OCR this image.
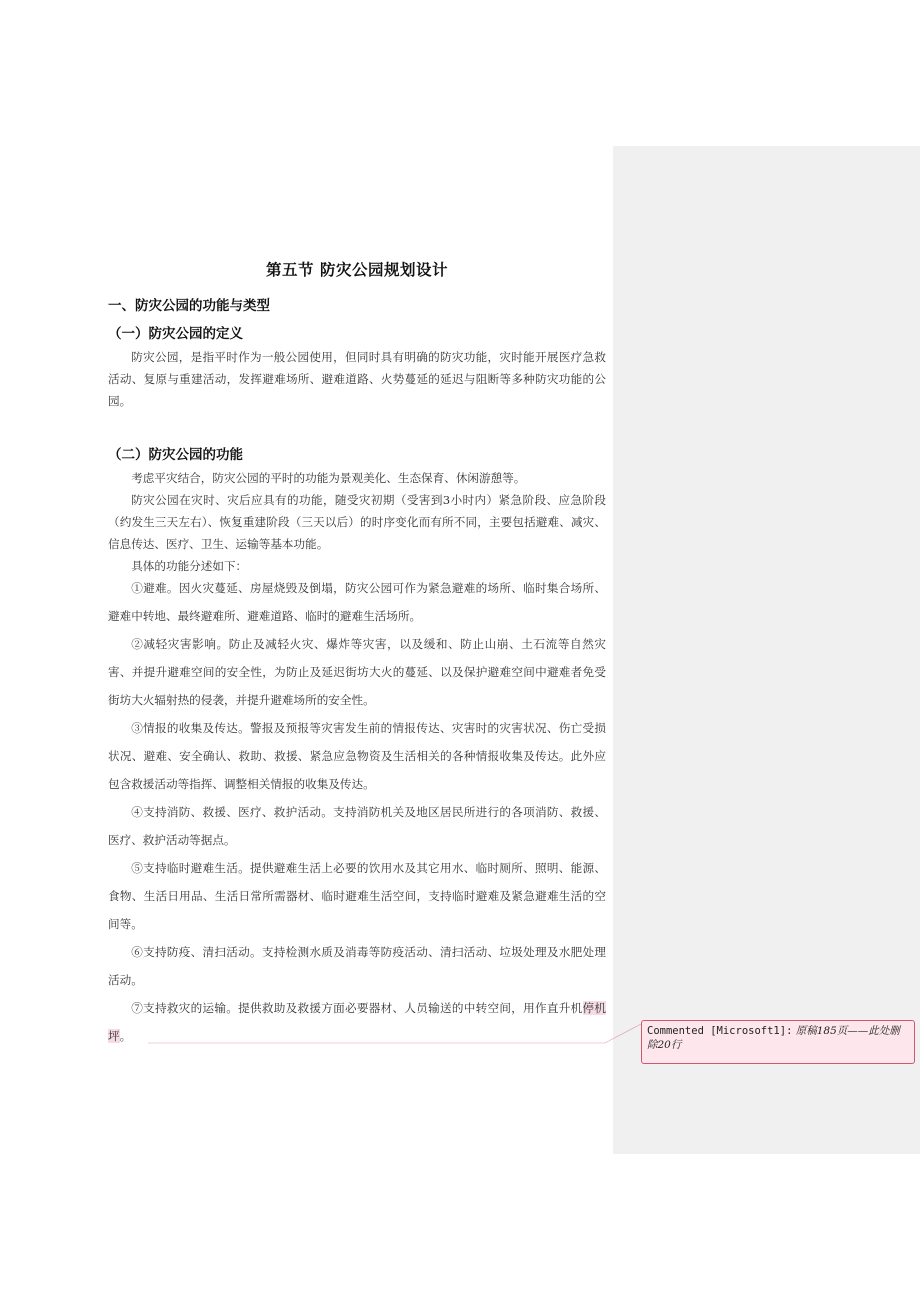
第五节 防灾公园规划设计
一、防灾公园的功能与类型
（一）防灾公园的定义

防灾公园，是指平时作为一般公园使用，但同时具有明确的防灾功能，灾时能开展医疗急救活动、复原与重建活动，发挥避难场所、避难道路、火势蔓延的延迟与阻断等多种防灾功能的公园。

（二）防灾公园的功能

考虑平灾结合，防灾公园的平时的功能为景观美化、生态保育、休闲游憩等。

防灾公园在灾时、灾后应具有的功能，随受灾初期（受害到3小时内）紧急阶段、应急阶段（约发生三天左右）、恢复重建阶段（三天以后）的时序变化而有所不同，主要包括避难、减灾、信息传达、医疗、卫生、运输等基本功能。

具体的功能分述如下：

①避难。因火灾蔓延、房屋烧毁及倒塌，防灾公园可作为紧急避难的场所、临时集合场所、避难中转地、最终避难所、避难道路、临时的避难生活场所。

②减轻灾害影响。防止及减轻火灾、爆炸等灾害，以及缓和、防止山崩、土石流等自然灾害、并提升避难空间的安全性，为防止及延迟街坊大火的蔓延、以及保护避难空间中避难者免受街坊大火辐射热的侵袭，并提升避难场所的安全性。

③情报的收集及传达。警报及预报等灾害发生前的情报传达、灾害时的灾害状况、伤亡受损状况、避难、安全确认、救助、救援、紧急应急物资及生活相关的各种情报收集及传达。此外应包含救援活动等指挥、调整相关情报的收集及传达。

④支持消防、救援、医疗、救护活动。支持消防机关及地区居民所进行的各项消防、救援、医疗、救护活动等据点。

⑤支持临时避难生活。提供避难生活上必要的饮用水及其它用水、临时厕所、照明、能源、食物、生活日用品、生活日常所需器材、临时避难生活空间，支持临时避难及紧急避难生活的空间等。

⑥支持防疫、清扫活动。支持检测水质及消毒等防疫活动、清扫活动、垃圾处理及水肥处理活动。

⑦支持救灾的运输。提供救助及救援方面必要器材、人员输送的中转空间，用作直升机停机坪。	Commented [Microsoft1]: 原稿185页——此处删除20行
